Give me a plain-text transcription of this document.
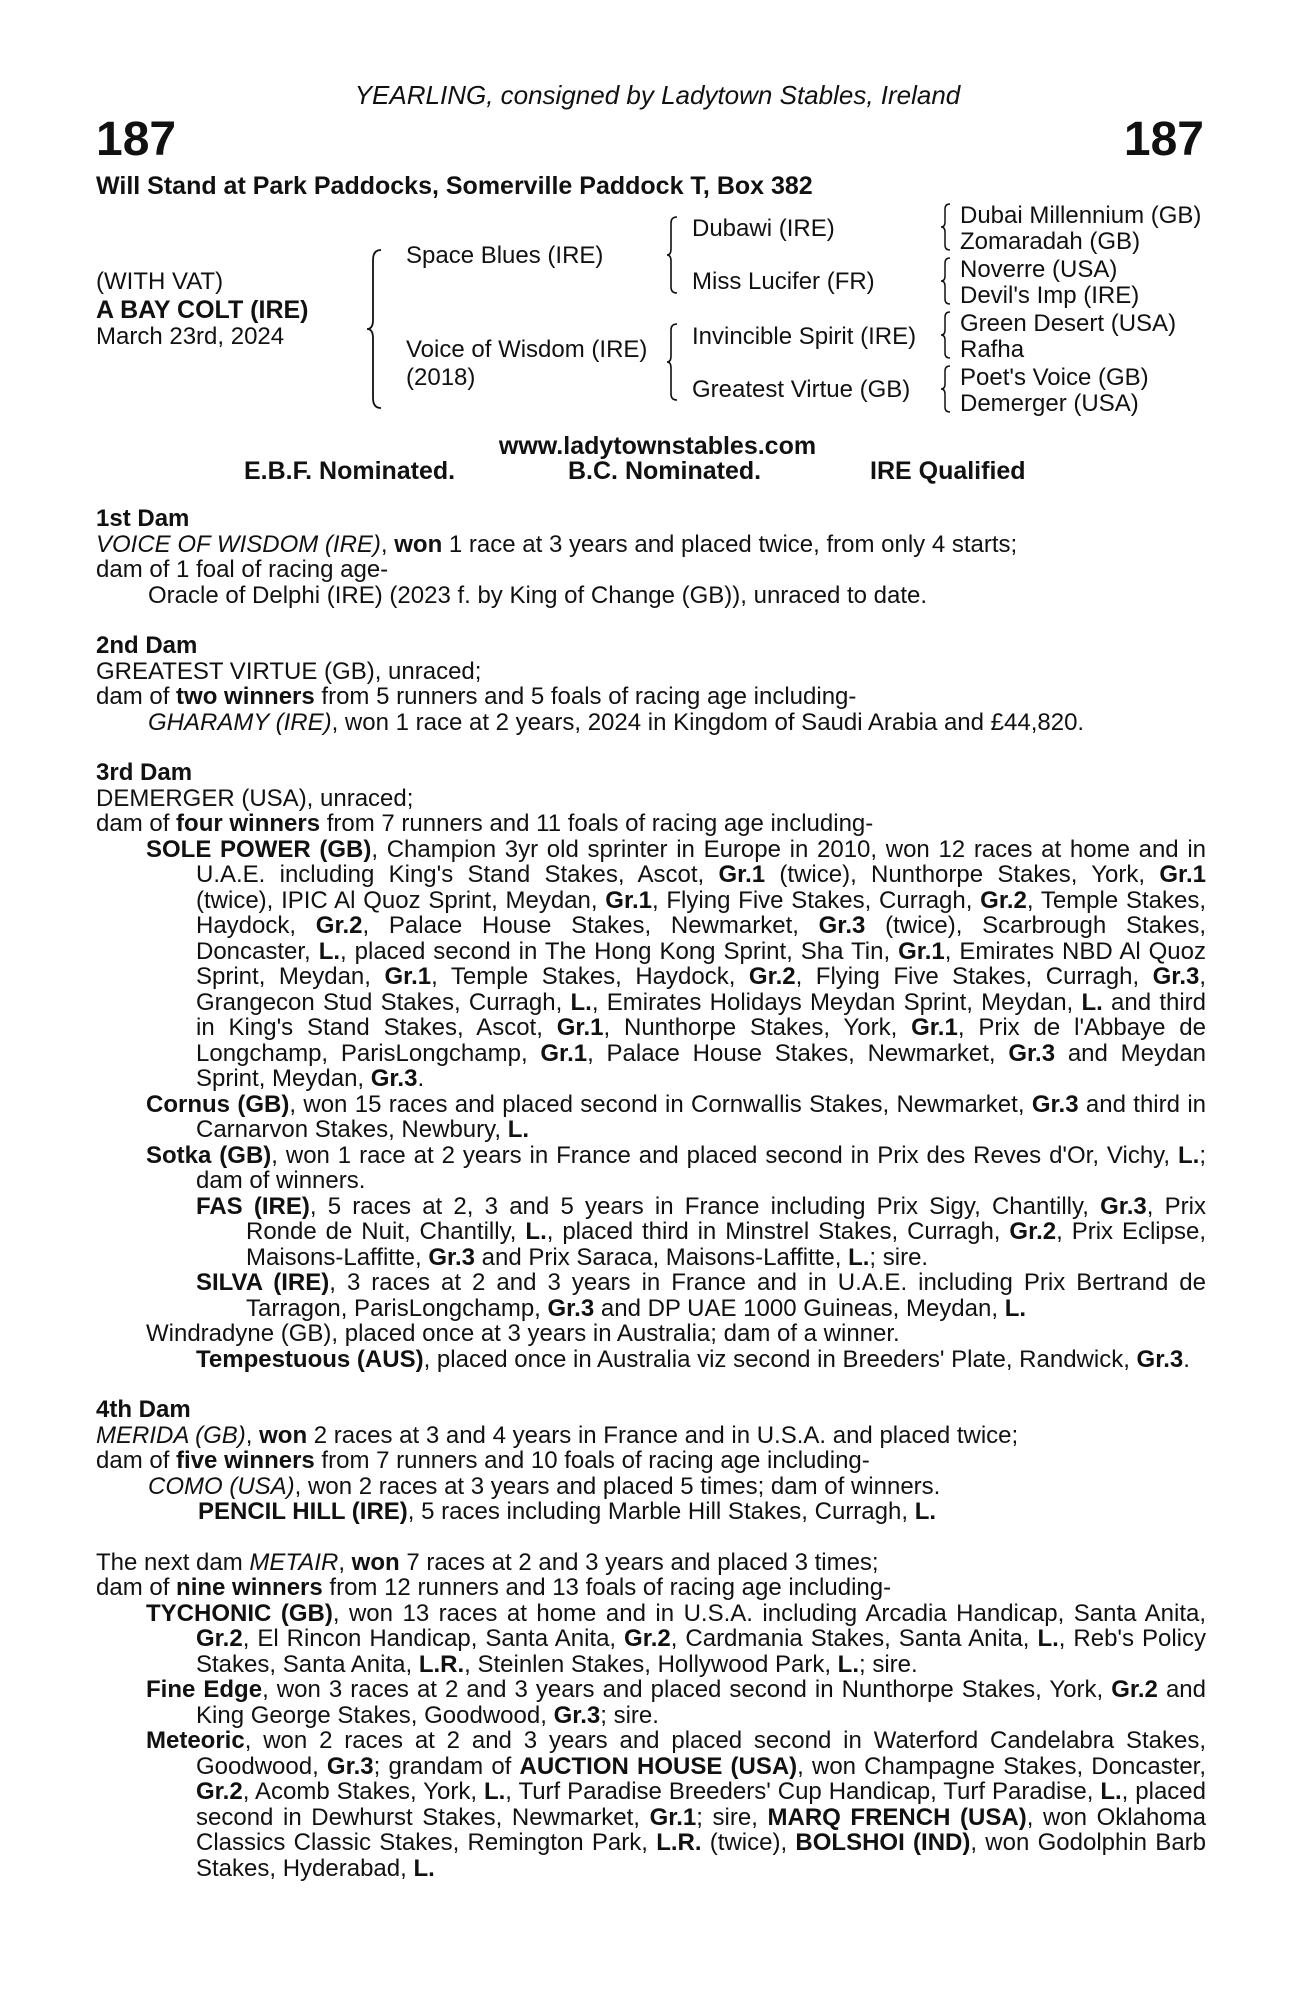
YEARLING, consigned by Ladytown Stables, Ireland
187	187
Will Stand at Park Paddocks, Somerville Paddock T, Box 382
(WITH VAT)
A BAY COLT (IRE)
March 23rd, 2024
Space Blues (IRE)
Voice of Wisdom (IRE)
(2018)
Dubawi (IRE)
Miss Lucifer (FR)
Invincible Spirit (IRE)
Greatest Virtue (GB)
Dubai Millennium (GB)
Zomaradah (GB)
Noverre (USA)
Devil's Imp (IRE)
Green Desert (USA)
Rafha
Poet's Voice (GB)
Demerger (USA)
www.ladytownstables.com
E.B.F. Nominated.	B.C. Nominated.	IRE Qualified
1st Dam
VOICE OF WISDOM (IRE), won 1 race at 3 years and placed twice, from only 4 starts;
dam of 1 foal of racing age-
Oracle of Delphi (IRE) (2023 f. by King of Change (GB)), unraced to date.
2nd Dam
GREATEST VIRTUE (GB), unraced;
dam of two winners from 5 runners and 5 foals of racing age including-
GHARAMY (IRE), won 1 race at 2 years, 2024 in Kingdom of Saudi Arabia and £44,820.
3rd Dam
DEMERGER (USA), unraced;
dam of four winners from 7 runners and 11 foals of racing age including-
SOLE POWER (GB), Champion 3yr old sprinter in Europe in 2010, won 12 races at home and in U.A.E. including King's Stand Stakes, Ascot, Gr.1 (twice), Nunthorpe Stakes, York, Gr.1 (twice), IPIC Al Quoz Sprint, Meydan, Gr.1, Flying Five Stakes, Curragh, Gr.2, Temple Stakes, Haydock, Gr.2, Palace House Stakes, Newmarket, Gr.3 (twice), Scarbrough Stakes, Doncaster, L., placed second in The Hong Kong Sprint, Sha Tin, Gr.1, Emirates NBD Al Quoz Sprint, Meydan, Gr.1, Temple Stakes, Haydock, Gr.2, Flying Five Stakes, Curragh, Gr.3, Grangecon Stud Stakes, Curragh, L., Emirates Holidays Meydan Sprint, Meydan, L. and third in King's Stand Stakes, Ascot, Gr.1, Nunthorpe Stakes, York, Gr.1, Prix de l'Abbaye de Longchamp, ParisLongchamp, Gr.1, Palace House Stakes, Newmarket, Gr.3 and Meydan Sprint, Meydan, Gr.3.
Cornus (GB), won 15 races and placed second in Cornwallis Stakes, Newmarket, Gr.3 and third in Carnarvon Stakes, Newbury, L.
Sotka (GB), won 1 race at 2 years in France and placed second in Prix des Reves d'Or, Vichy, L.; dam of winners.
FAS (IRE), 5 races at 2, 3 and 5 years in France including Prix Sigy, Chantilly, Gr.3, Prix Ronde de Nuit, Chantilly, L., placed third in Minstrel Stakes, Curragh, Gr.2, Prix Eclipse, Maisons-Laffitte, Gr.3 and Prix Saraca, Maisons-Laffitte, L.; sire.
SILVA (IRE), 3 races at 2 and 3 years in France and in U.A.E. including Prix Bertrand de Tarragon, ParisLongchamp, Gr.3 and DP UAE 1000 Guineas, Meydan, L.
Windradyne (GB), placed once at 3 years in Australia; dam of a winner.
Tempestuous (AUS), placed once in Australia viz second in Breeders' Plate, Randwick, Gr.3.
4th Dam
MERIDA (GB), won 2 races at 3 and 4 years in France and in U.S.A. and placed twice;
dam of five winners from 7 runners and 10 foals of racing age including-
COMO (USA), won 2 races at 3 years and placed 5 times; dam of winners.
PENCIL HILL (IRE), 5 races including Marble Hill Stakes, Curragh, L.
The next dam METAIR, won 7 races at 2 and 3 years and placed 3 times;
dam of nine winners from 12 runners and 13 foals of racing age including-
TYCHONIC (GB), won 13 races at home and in U.S.A. including Arcadia Handicap, Santa Anita, Gr.2, El Rincon Handicap, Santa Anita, Gr.2, Cardmania Stakes, Santa Anita, L., Reb's Policy Stakes, Santa Anita, L.R., Steinlen Stakes, Hollywood Park, L.; sire.
Fine Edge, won 3 races at 2 and 3 years and placed second in Nunthorpe Stakes, York, Gr.2 and King George Stakes, Goodwood, Gr.3; sire.
Meteoric, won 2 races at 2 and 3 years and placed second in Waterford Candelabra Stakes, Goodwood, Gr.3; grandam of AUCTION HOUSE (USA), won Champagne Stakes, Doncaster, Gr.2, Acomb Stakes, York, L., Turf Paradise Breeders' Cup Handicap, Turf Paradise, L., placed second in Dewhurst Stakes, Newmarket, Gr.1; sire, MARQ FRENCH (USA), won Oklahoma Classics Classic Stakes, Remington Park, L.R. (twice), BOLSHOI (IND), won Godolphin Barb Stakes, Hyderabad, L.
